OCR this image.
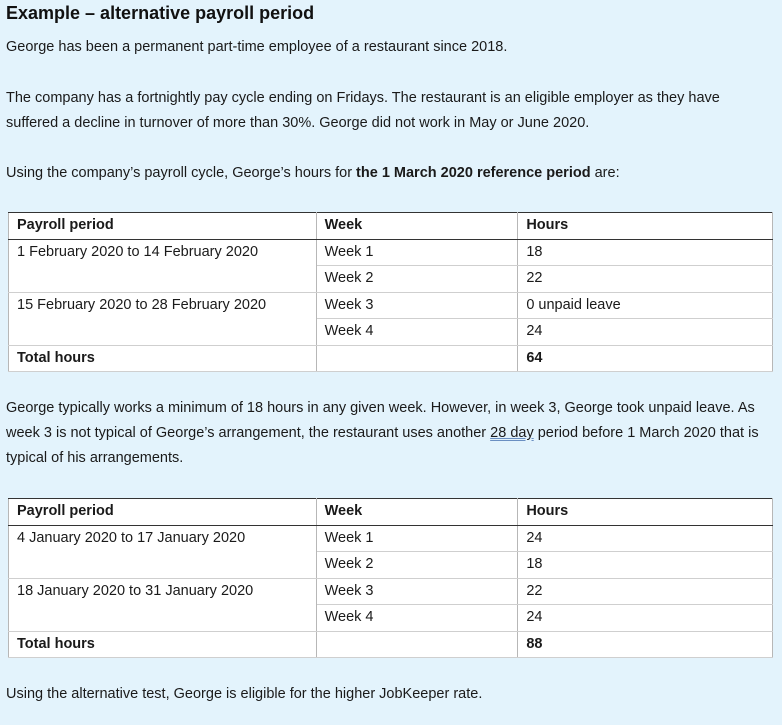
Example – alternative payroll period

George has been a permanent part-time employee of a restaurant since 2018.

The company has a fortnightly pay cycle ending on Fridays. The restaurant is an eligible employer as they have suffered a decline in turnover of more than 30%. George did not work in May or June 2020.

Using the company’s payroll cycle, George’s hours for the 1 March 2020 reference period are:

Payroll period	Week	Hours
1 February 2020 to 14 February 2020	Week 1	18
	Week 2	22
15 February 2020 to 28 February 2020	Week 3	0 unpaid leave
	Week 4	24
Total hours		64

George typically works a minimum of 18 hours in any given week. However, in week 3, George took unpaid leave. As week 3 is not typical of George’s arrangement, the restaurant uses another 28 day period before 1 March 2020 that is typical of his arrangements.

Payroll period	Week	Hours
4 January 2020 to 17 January 2020	Week 1	24
	Week 2	18
18 January 2020 to 31 January 2020	Week 3	22
	Week 4	24
Total hours		88

Using the alternative test, George is eligible for the higher JobKeeper rate.
